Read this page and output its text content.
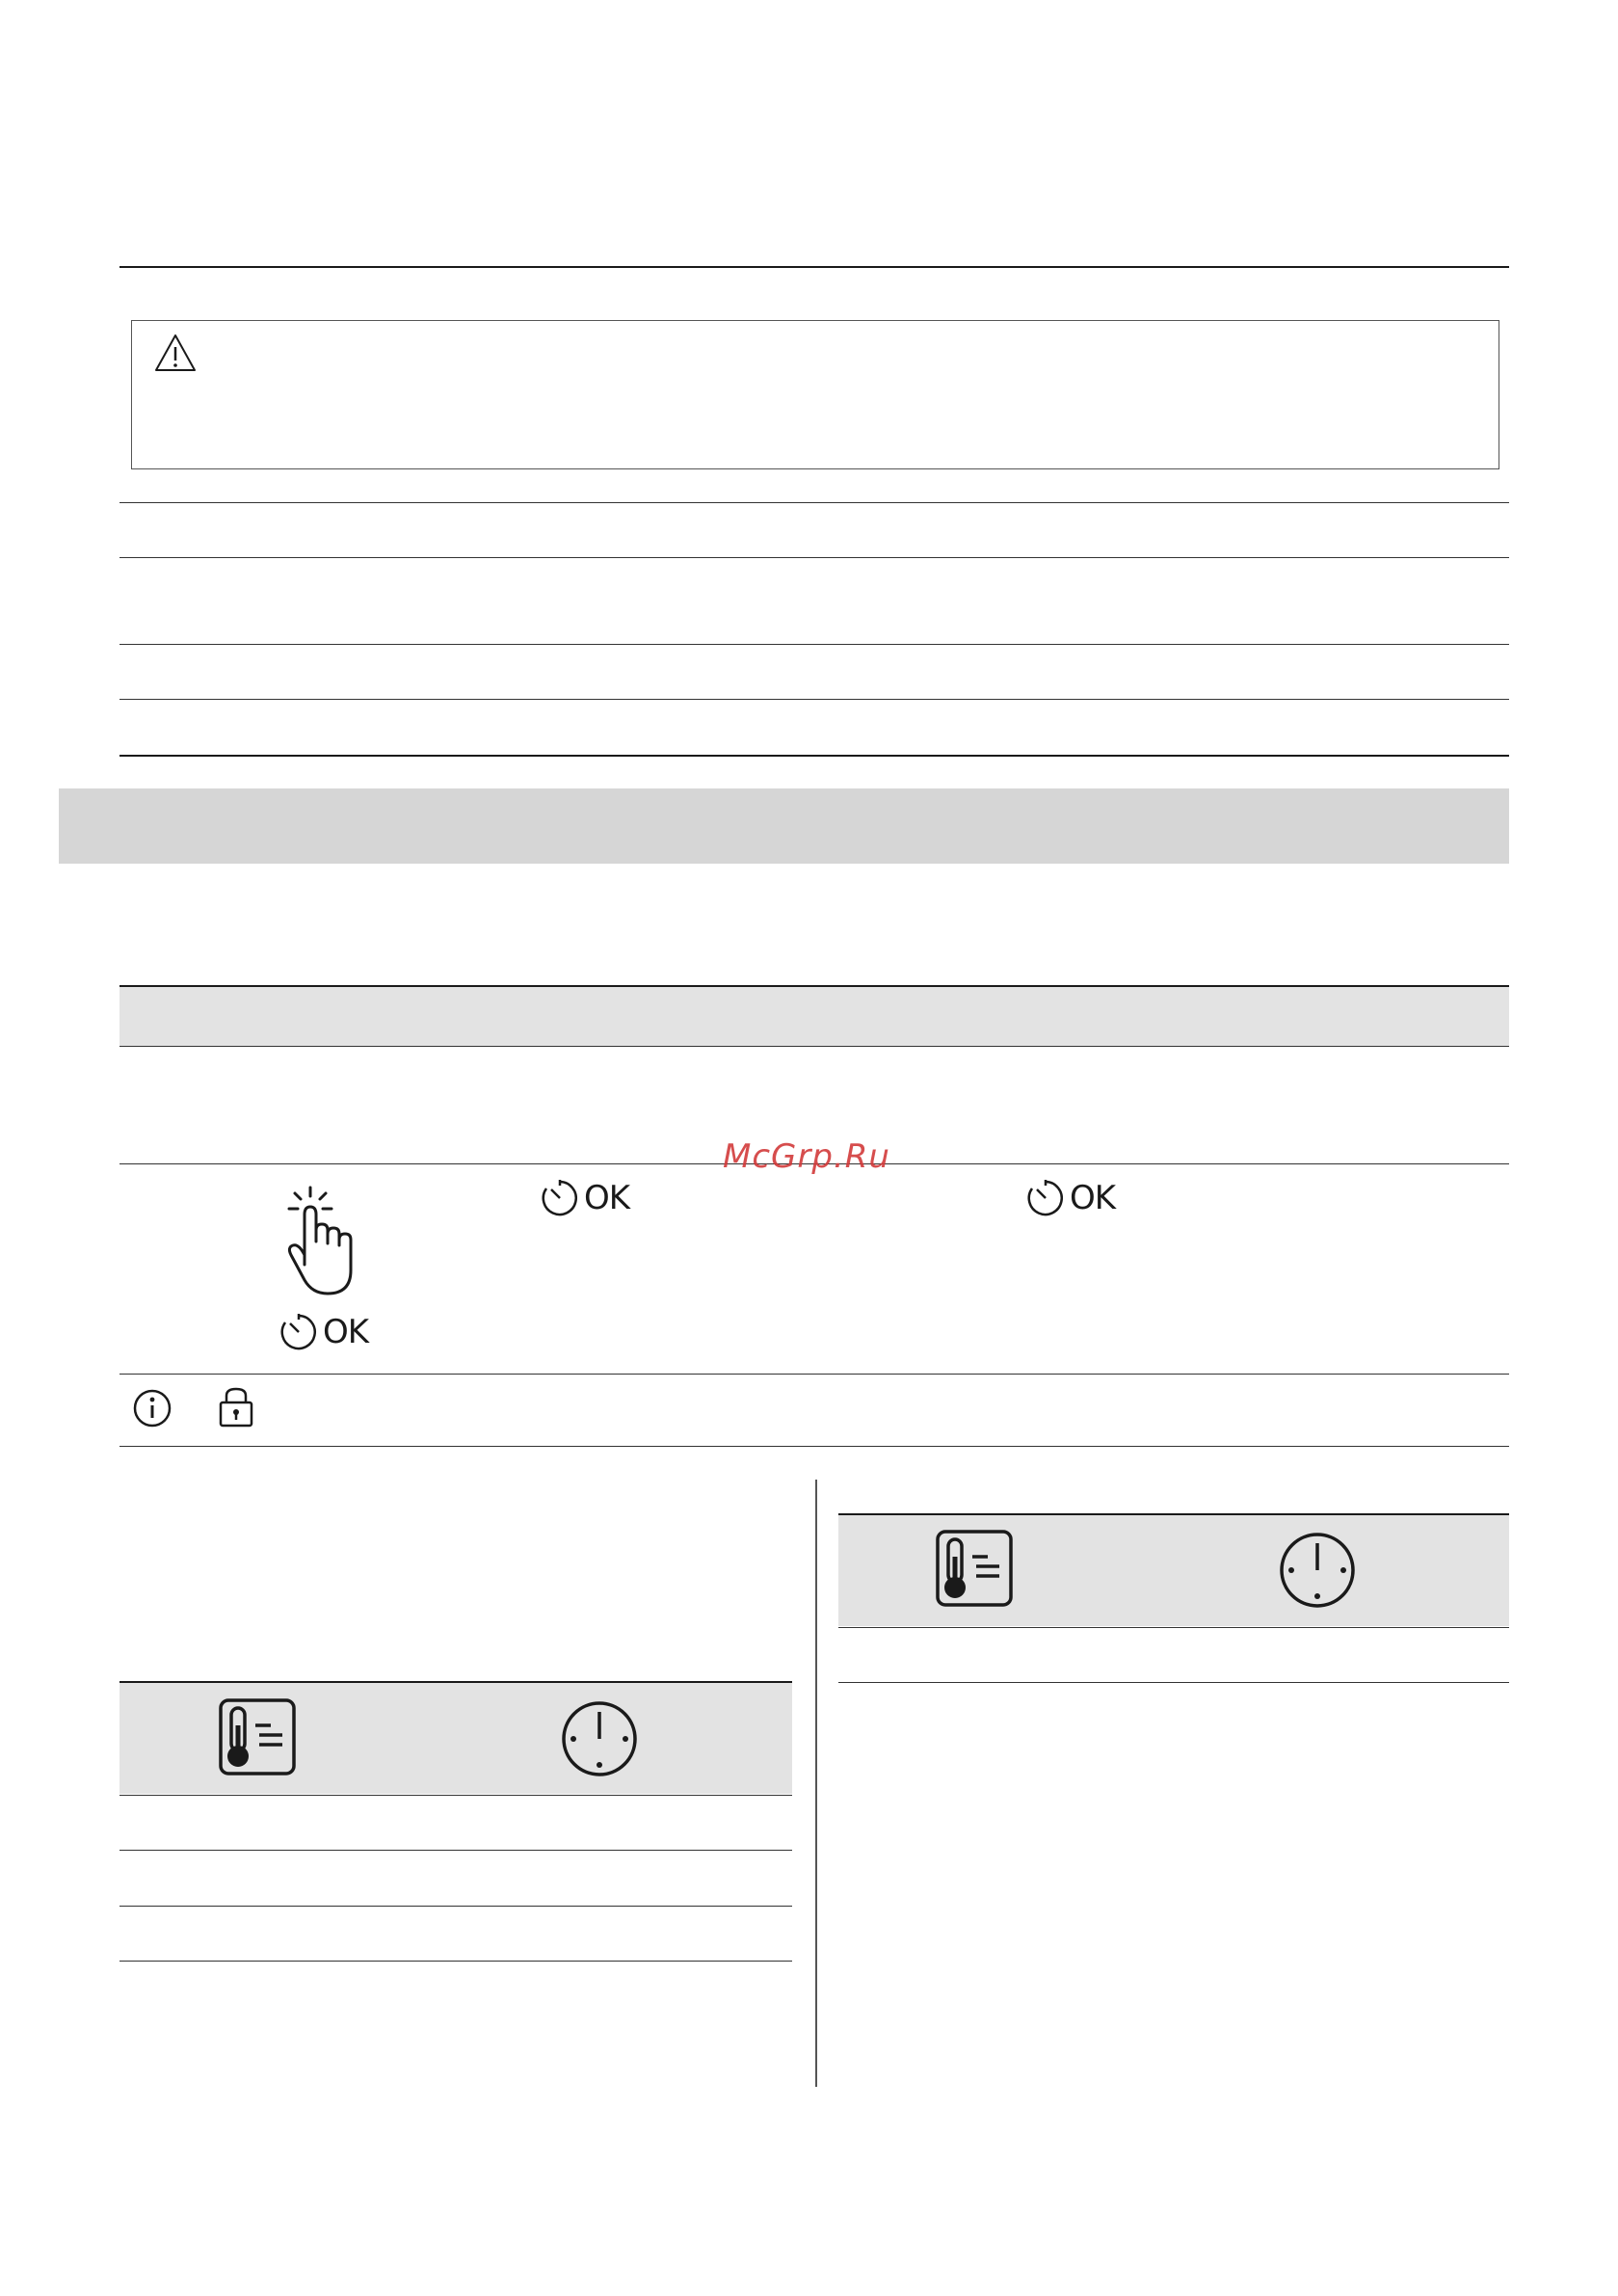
McGrp.Ru
OK
OK	OK
